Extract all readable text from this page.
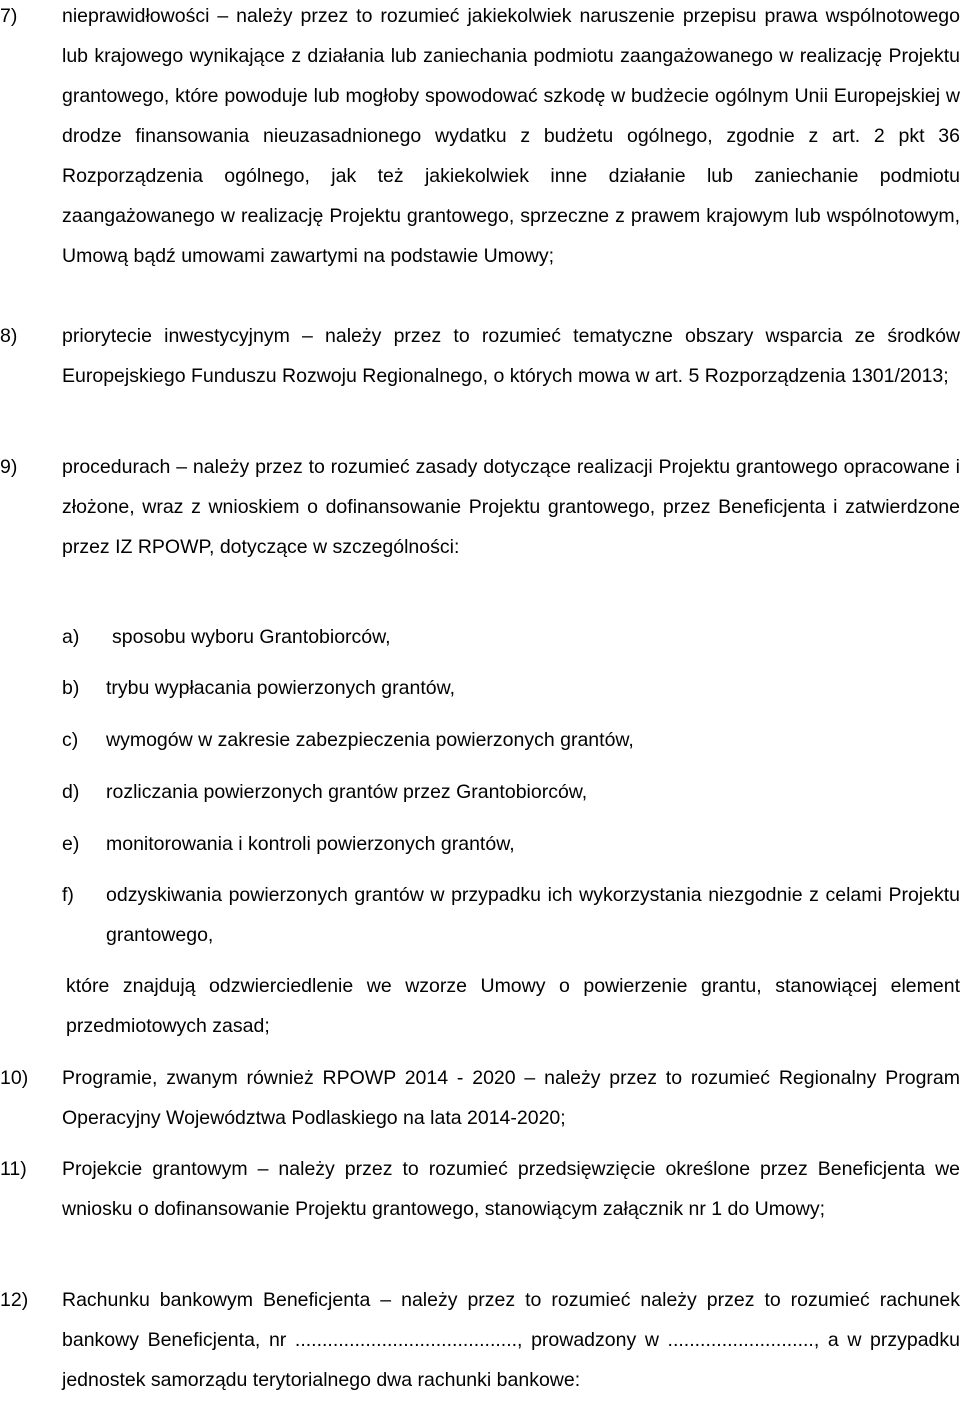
7) nieprawidłowości – należy przez to rozumieć jakiekolwiek naruszenie przepisu prawa wspólnotowego lub krajowego wynikające z działania lub zaniechania podmiotu zaangażowanego w realizację Projektu grantowego, które powoduje lub mogłoby spowodować szkodę w budżecie ogólnym Unii Europejskiej w drodze finansowania nieuzasadnionego wydatku z budżetu ogólnego, zgodnie z art. 2 pkt 36 Rozporządzenia ogólnego, jak też jakiekolwiek inne działanie lub zaniechanie podmiotu zaangażowanego w realizację Projektu grantowego, sprzeczne z prawem krajowym lub wspólnotowym, Umową bądź umowami zawartymi na podstawie Umowy;
8) priorytecie inwestycyjnym – należy przez to rozumieć tematyczne obszary wsparcia ze środków Europejskiego Funduszu Rozwoju Regionalnego, o których mowa w art. 5 Rozporządzenia 1301/2013;
9) procedurach – należy przez to rozumieć zasady dotyczące realizacji Projektu grantowego opracowane i złożone, wraz z wnioskiem o dofinansowanie Projektu grantowego, przez Beneficjenta i zatwierdzone przez IZ RPOWP, dotyczące w szczególności:
a) sposobu wyboru Grantobiorców,
b) trybu wypłacania powierzonych grantów,
c) wymogów w zakresie zabezpieczenia powierzonych grantów,
d) rozliczania powierzonych grantów przez Grantobiorców,
e) monitorowania i kontroli powierzonych grantów,
f) odzyskiwania powierzonych grantów w przypadku ich wykorzystania niezgodnie z celami Projektu grantowego,
które znajdują odzwierciedlenie we wzorze Umowy o powierzenie grantu, stanowiącej element przedmiotowych zasad;
10) Programie, zwanym również RPOWP 2014 - 2020 – należy przez to rozumieć Regionalny Program Operacyjny Województwa Podlaskiego na lata 2014-2020;
11) Projekcie grantowym – należy przez to rozumieć przedsięwzięcie określone przez Beneficjenta we wniosku o dofinansowanie Projektu grantowego, stanowiącym załącznik nr 1 do Umowy;
12) Rachunku bankowym Beneficjenta – należy przez to rozumieć należy przez to rozumieć rachunek bankowy Beneficjenta, nr ........................................., prowadzony w ..........................., a w przypadku jednostek samorządu terytorialnego dwa rachunki bankowe:
